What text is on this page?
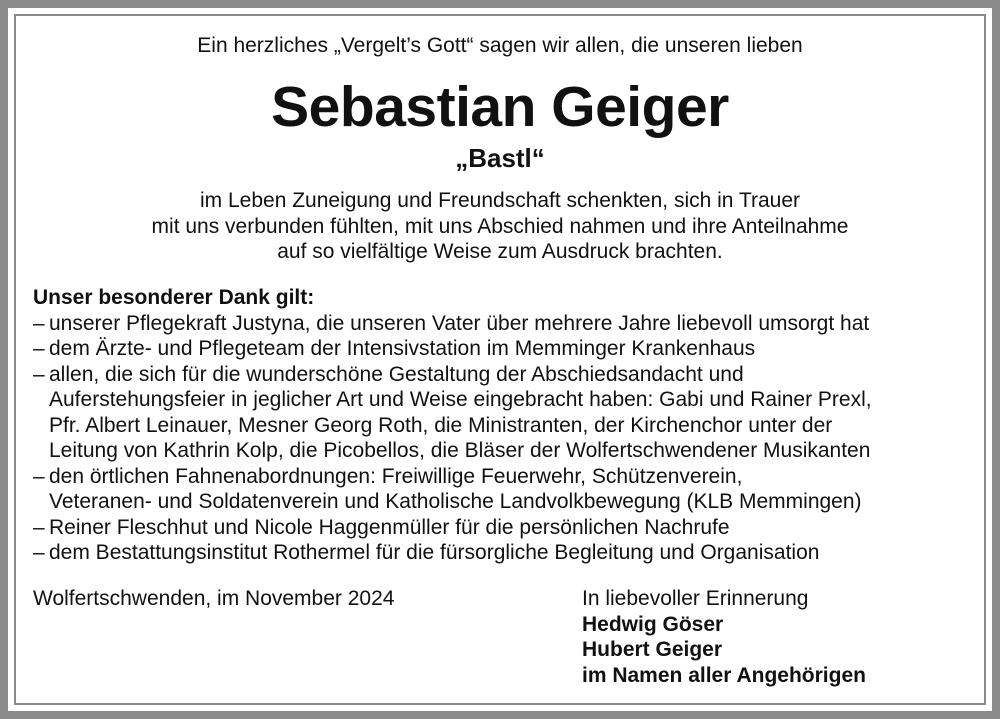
Ein herzliches „Vergelt’s Gott“ sagen wir allen, die unseren lieben
Sebastian Geiger
„Bastl“
im Leben Zuneigung und Freundschaft schenkten, sich in Trauer
mit uns verbunden fühlten, mit uns Abschied nahmen und ihre Anteilnahme
auf so vielfältige Weise zum Ausdruck brachten.
Unser besonderer Dank gilt:
– unserer Pflegekraft Justyna, die unseren Vater über mehrere Jahre liebevoll umsorgt hat
– dem Ärzte- und Pflegeteam der Intensivstation im Memminger Krankenhaus
– allen, die sich für die wunderschöne Gestaltung der Abschiedsandacht und
Auferstehungsfeier in jeglicher Art und Weise eingebracht haben: Gabi und Rainer Prexl,
Pfr. Albert Leinauer, Mesner Georg Roth, die Ministranten, der Kirchenchor unter der
Leitung von Kathrin Kolp, die Picobellos, die Bläser der Wolfertschwendener Musikanten
– den örtlichen Fahnenabordnungen: Freiwillige Feuerwehr, Schützenverein,
Veteranen- und Soldatenverein und Katholische Landvolkbewegung (KLB Memmingen)
– Reiner Fleschhut und Nicole Haggenmüller für die persönlichen Nachrufe
– dem Bestattungsinstitut Rothermel für die fürsorgliche Begleitung und Organisation
Wolfertschwenden, im November 2024	In liebevoller Erinnerung
Hedwig Göser
Hubert Geiger
im Namen aller Angehörigen
